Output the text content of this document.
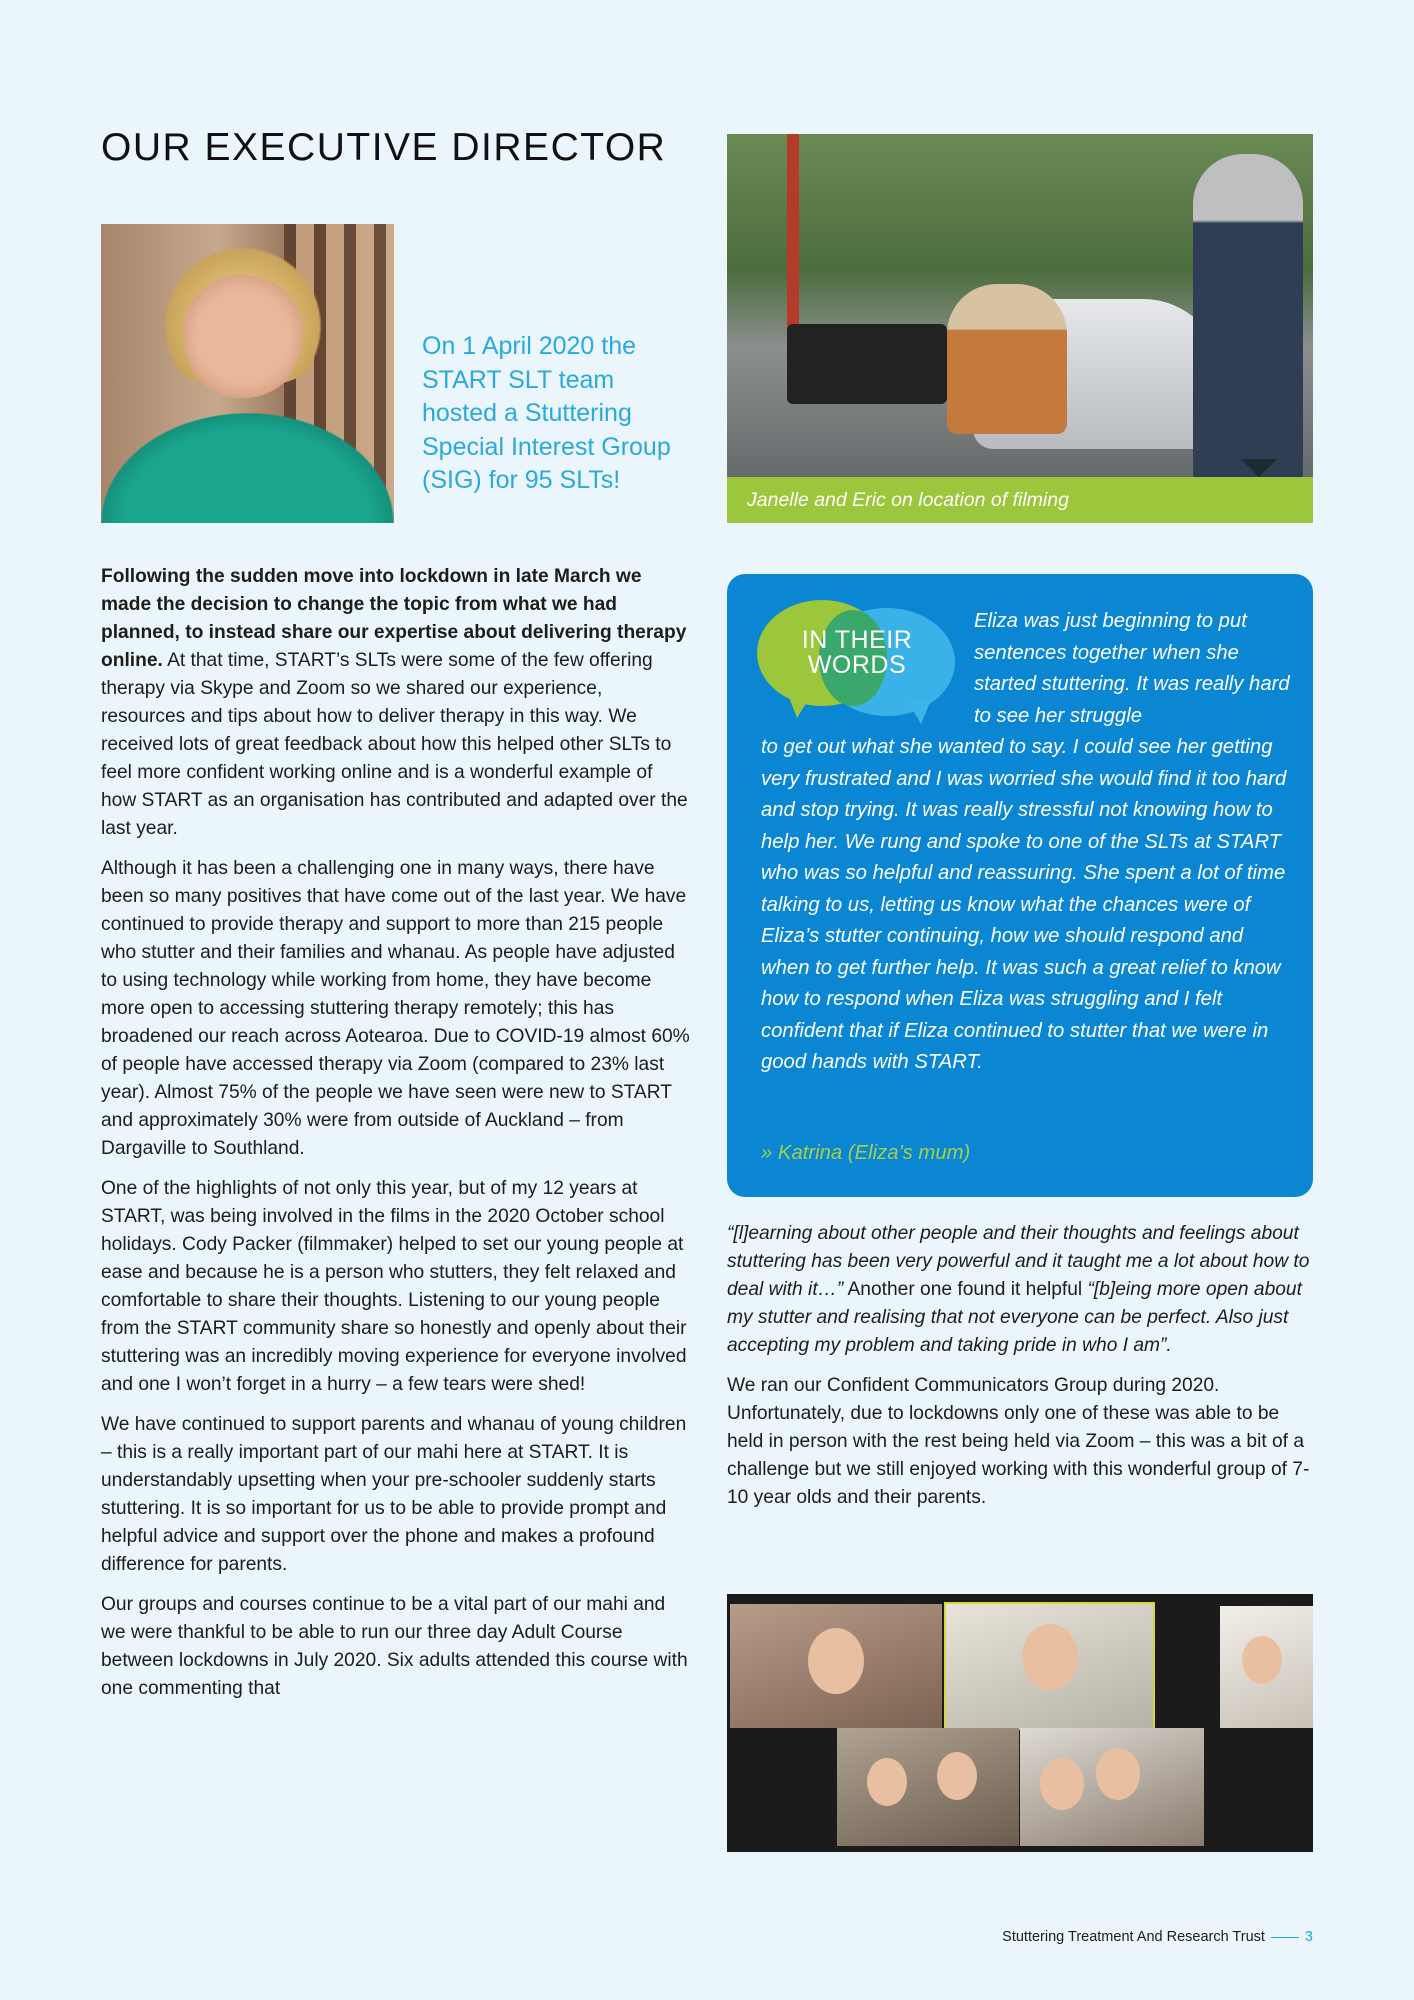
OUR EXECUTIVE DIRECTOR

On 1 April 2020 the START SLT team hosted a Stuttering Special Interest Group (SIG) for 95 SLTs!

Janelle and Eric on location of filming

Following the sudden move into lockdown in late March we made the decision to change the topic from what we had planned, to instead share our expertise about delivering therapy online. At that time, START’s SLTs were some of the few offering therapy via Skype and Zoom so we shared our experience, resources and tips about how to deliver therapy in this way. We received lots of great feedback about how this helped other SLTs to feel more confident working online and is a wonderful example of how START as an organisation has contributed and adapted over the last year.

Although it has been a challenging one in many ways, there have been so many positives that have come out of the last year. We have continued to provide therapy and support to more than 215 people who stutter and their families and whanau. As people have adjusted to using technology while working from home, they have become more open to accessing stuttering therapy remotely; this has broadened our reach across Aotearoa. Due to COVID-19 almost 60% of people have accessed therapy via Zoom (compared to 23% last year). Almost 75% of the people we have seen were new to START and approximately 30% were from outside of Auckland – from Dargaville to Southland.

One of the highlights of not only this year, but of my 12 years at START, was being involved in the films in the 2020 October school holidays. Cody Packer (filmmaker) helped to set our young people at ease and because he is a person who stutters, they felt relaxed and comfortable to share their thoughts. Listening to our young people from the START community share so honestly and openly about their stuttering was an incredibly moving experience for everyone involved and one I won’t forget in a hurry – a few tears were shed!

We have continued to support parents and whanau of young children – this is a really important part of our mahi here at START. It is understandably upsetting when your pre-schooler suddenly starts stuttering. It is so important for us to be able to provide prompt and helpful advice and support over the phone and makes a profound difference for parents.

Our groups and courses continue to be a vital part of our mahi and we were thankful to be able to run our three day Adult Course between lockdowns in July 2020. Six adults attended this course with one commenting that

IN THEIR
WORDS

Eliza was just beginning to put sentences together when she started stuttering. It was really hard to see her struggle

to get out what she wanted to say. I could see her getting very frustrated and I was worried she would find it too hard and stop trying. It was really stressful not knowing how to help her. We rung and spoke to one of the SLTs at START who was so helpful and reassuring. She spent a lot of time talking to us, letting us know what the chances were of Eliza’s stutter continuing, how we should respond and when to get further help. It was such a great relief to know how to respond when Eliza was struggling and I felt confident that if Eliza continued to stutter that we were in good hands with START.

» Katrina (Eliza’s mum)

“[l]earning about other people and their thoughts and feelings about stuttering has been very powerful and it taught me a lot about how to deal with it…” Another one found it helpful “[b]eing more open about my stutter and realising that not everyone can be perfect. Also just accepting my problem and taking pride in who I am”.

We ran our Confident Communicators Group during 2020. Unfortunately, due to lockdowns only one of these was able to be held in person with the rest being held via Zoom – this was a bit of a challenge but we still enjoyed working with this wonderful group of 7-10 year olds and their parents.

Stuttering Treatment And Research Trust	3
